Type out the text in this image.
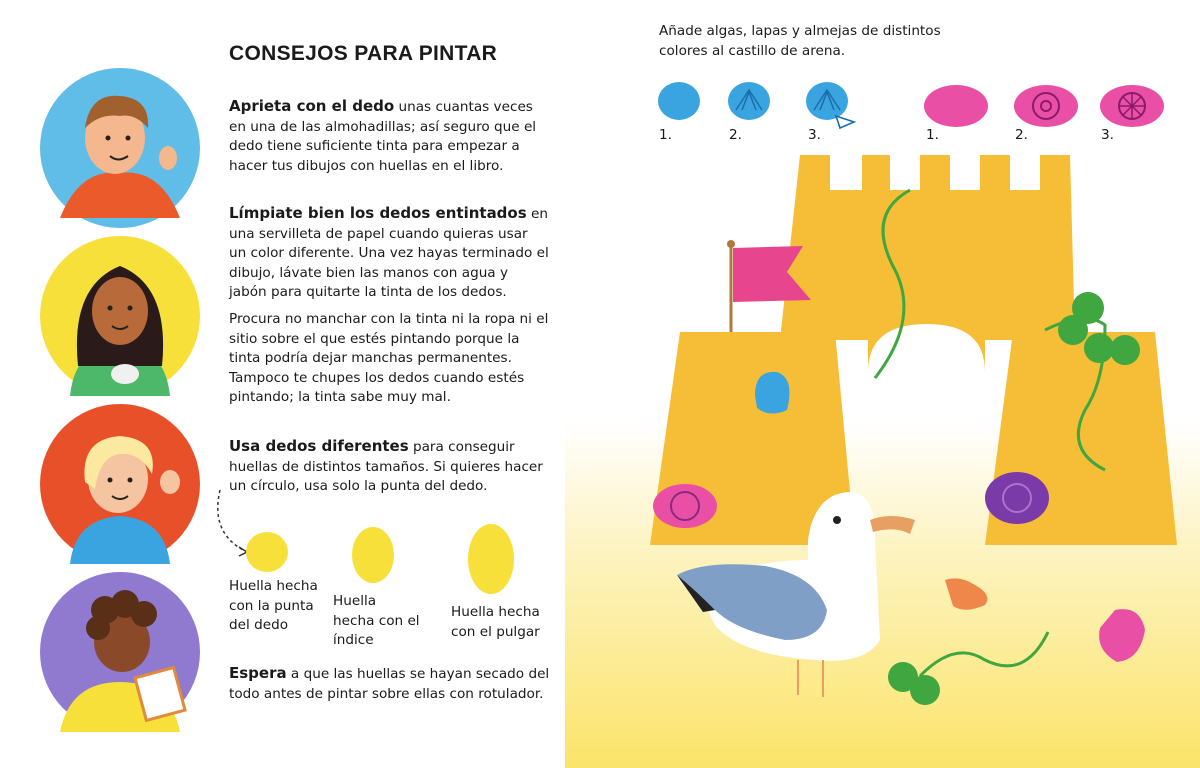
CONSEJOS PARA PINTAR

Aprieta con el dedo unas cuantas veces en una de las almohadillas; así seguro que el dedo tiene suficiente tinta para empezar a hacer tus dibujos con huellas en el libro.

Límpiate bien los dedos entintados en una servilleta de papel cuando quieras usar un color diferente. Una vez hayas terminado el dibujo, lávate bien las manos con agua y jabón para quitarte la tinta de los dedos.

Procura no manchar con la tinta ni la ropa ni el sitio sobre el que estés pintando porque la tinta podría dejar manchas permanentes. Tampoco te chupes los dedos cuando estés pintando; la tinta sabe muy mal.

Usa dedos diferentes para conseguir huellas de distintos tamaños. Si quieres hacer un círculo, usa solo la punta del dedo.

Espera a que las huellas se hayan secado del todo antes de pintar sobre ellas con rotulador.

Huella hecha con la punta del dedo
Huella hecha con el índice
Huella hecha con el pulgar
Añade algas, lapas y almejas de distintos colores al castillo de arena.
1.	2.	3.	1.	2.	3.
